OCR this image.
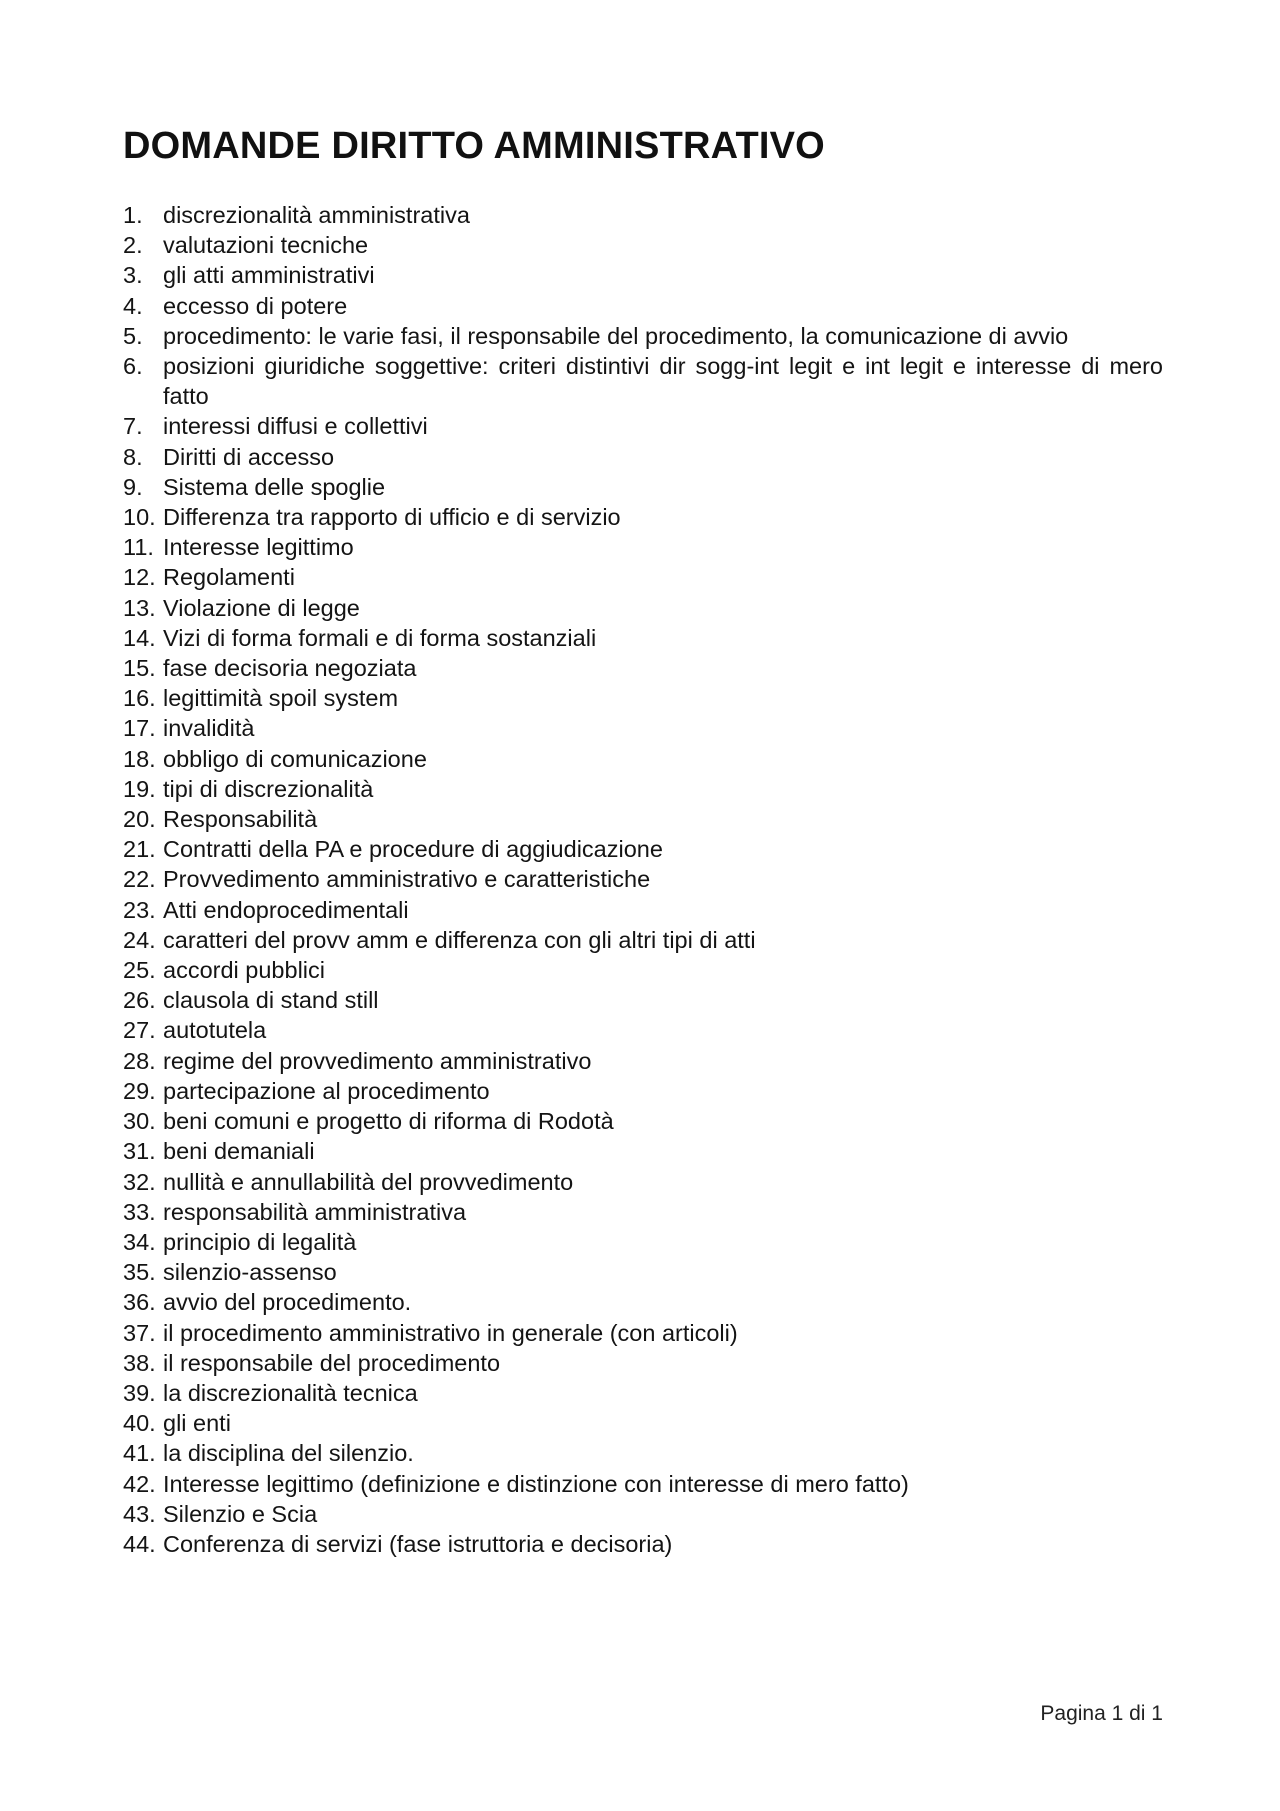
DOMANDE DIRITTO AMMINISTRATIVO
1. discrezionalità amministrativa
2. valutazioni tecniche
3. gli atti amministrativi
4. eccesso di potere
5. procedimento: le varie fasi, il responsabile del procedimento, la comunicazione di avvio
6. posizioni giuridiche soggettive: criteri distintivi dir sogg-int legit e int legit e interesse di mero fatto
7. interessi diffusi e collettivi
8. Diritti di accesso
9. Sistema delle spoglie
10. Differenza tra rapporto di ufficio e di servizio
11. Interesse legittimo
12. Regolamenti
13. Violazione di legge
14. Vizi di forma formali e di forma sostanziali
15. fase decisoria negoziata
16. legittimità spoil system
17. invalidità
18. obbligo di comunicazione
19. tipi di discrezionalità
20. Responsabilità
21. Contratti della PA e procedure di aggiudicazione
22. Provvedimento amministrativo e caratteristiche
23. Atti endoprocedimentali
24. caratteri del provv amm e differenza con gli altri tipi di atti
25. accordi pubblici
26. clausola di stand still
27. autotutela
28. regime del provvedimento amministrativo
29. partecipazione al procedimento
30. beni comuni e progetto di riforma di Rodotà
31. beni demaniali
32. nullità e annullabilità del provvedimento
33. responsabilità amministrativa
34. principio di legalità
35. silenzio-assenso
36. avvio del procedimento.
37. il procedimento amministrativo in generale (con articoli)
38. il responsabile del procedimento
39. la discrezionalità tecnica
40. gli enti
41. la disciplina del silenzio.
42. Interesse legittimo (definizione e distinzione con interesse di mero fatto)
43. Silenzio e Scia
44. Conferenza di servizi (fase istruttoria e decisoria)
Pagina 1 di 1
